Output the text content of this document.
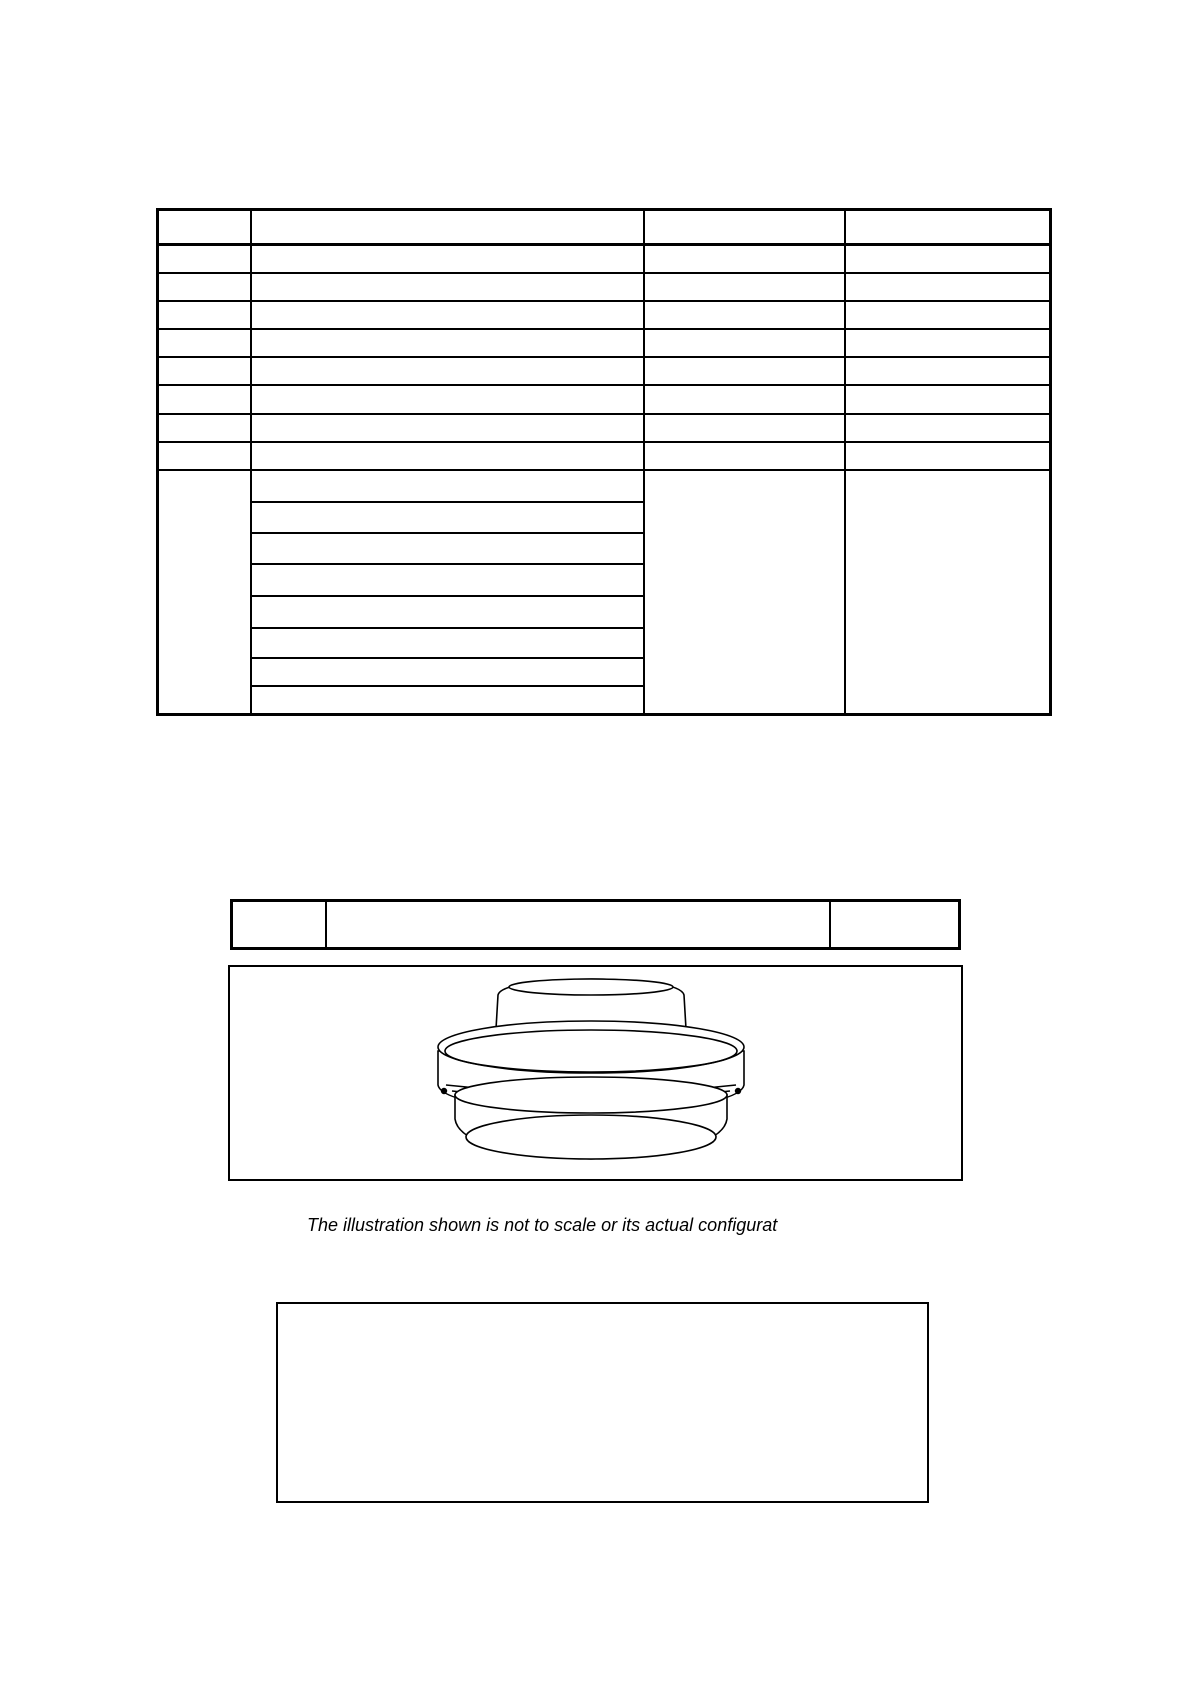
The illustration shown is not to scale or its actual configurat
